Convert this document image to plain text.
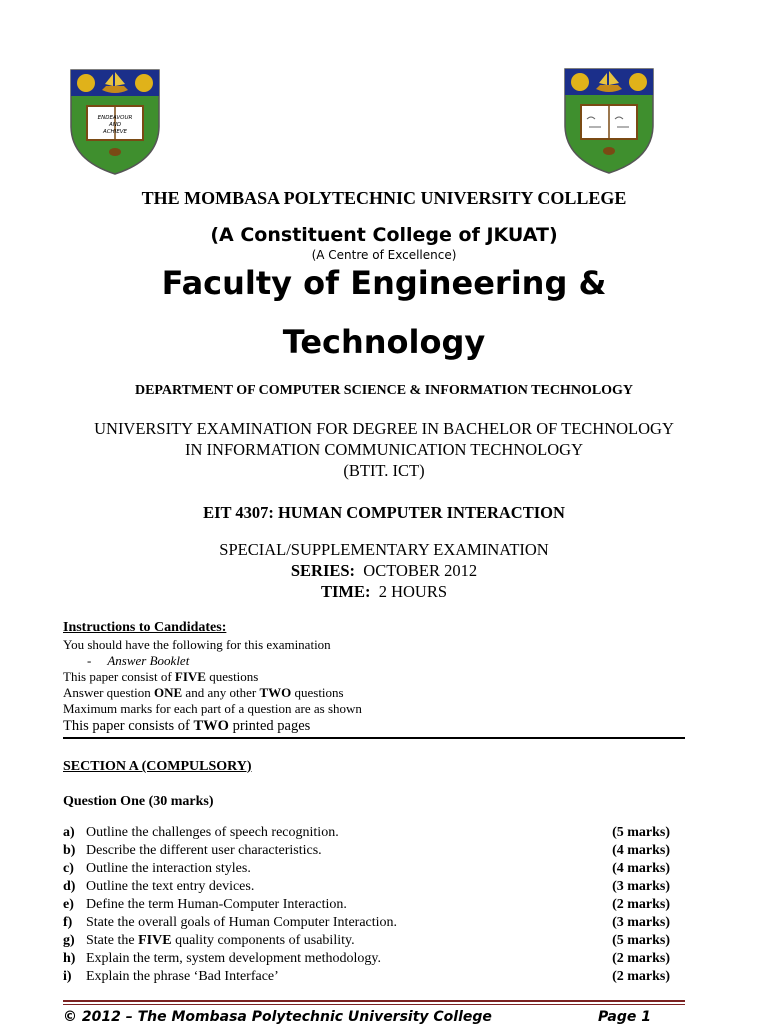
ENDEAVOUR
AND
ACHIEVE
THE MOMBASA POLYTECHNIC UNIVERSITY COLLEGE
(A Constituent College of JKUAT)
(A Centre of Excellence)
Faculty of Engineering &
Technology
DEPARTMENT OF COMPUTER SCIENCE & INFORMATION TECHNOLOGY
UNIVERSITY EXAMINATION FOR DEGREE IN BACHELOR OF TECHNOLOGY
IN INFORMATION COMMUNICATION TECHNOLOGY
(BTIT. ICT)
EIT 4307: HUMAN COMPUTER INTERACTION
SPECIAL/SUPPLEMENTARY EXAMINATION
SERIES: OCTOBER 2012
TIME: 2 HOURS
Instructions to Candidates:
You should have the following for this examination
- Answer Booklet
This paper consist of FIVE questions
Answer question ONE and any other TWO questions
Maximum marks for each part of a question are as shown
This paper consists of TWO printed pages
SECTION A (COMPULSORY)
Question One (30 marks)
a) Outline the challenges of speech recognition.	(5 marks)
b) Describe the different user characteristics.	(4 marks)
c) Outline the interaction styles.	(4 marks)
d) Outline the text entry devices.	(3 marks)
e) Define the term Human-Computer Interaction.	(2 marks)
f) State the overall goals of Human Computer Interaction.	(3 marks)
g) State the FIVE quality components of usability.	(5 marks)
h) Explain the term, system development methodology.	(2 marks)
i) Explain the phrase ‘Bad Interface’	(2 marks)
© 2012 – The Mombasa Polytechnic University College	Page 1
